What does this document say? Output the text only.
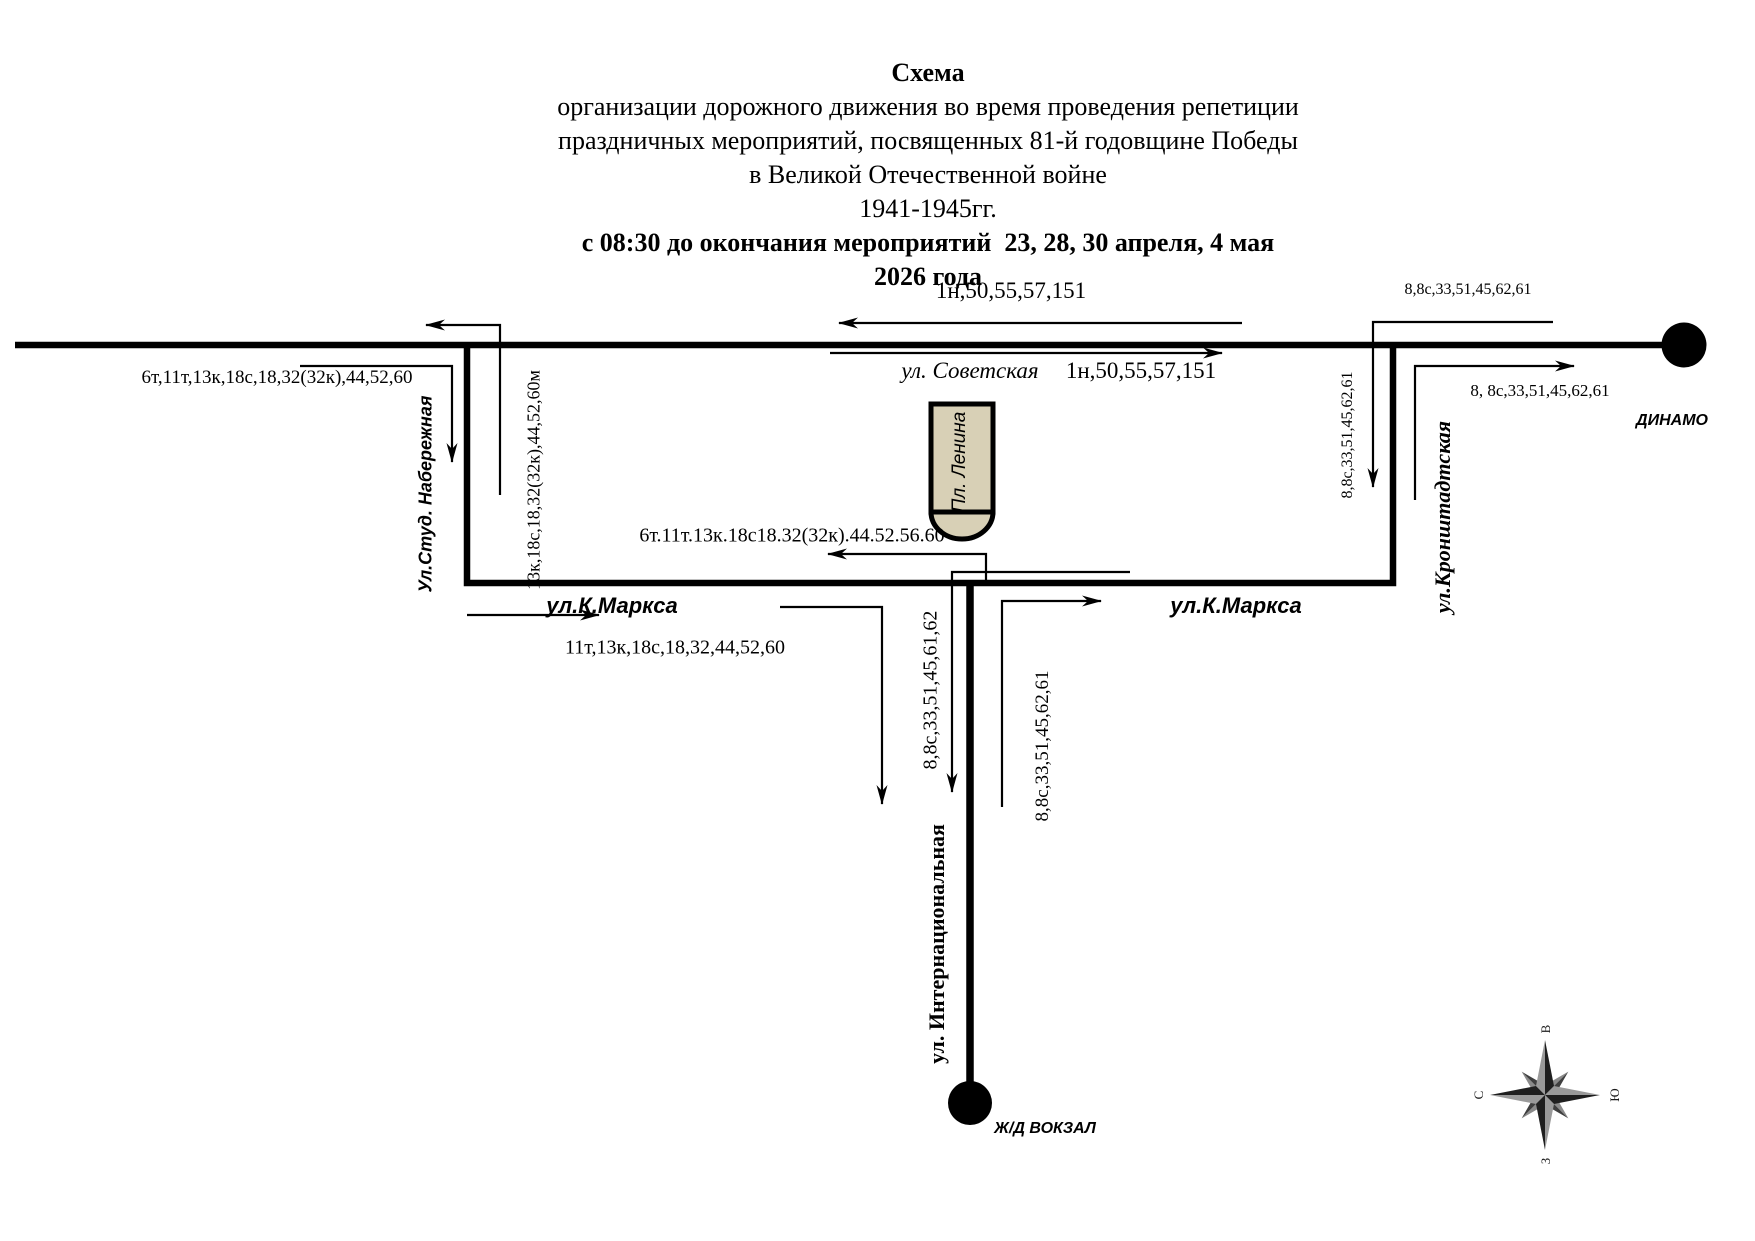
С
В
Ю
З
Схема
организации дорожного движения во время проведения репетиции
праздничных мероприятий, посвященных 81-й годовщине Победы
в Великой Отечественной войне
1941-1945гг.
с 08:30 до окончания мероприятий  23, 28, 30 апреля, 4 мая
2026 года
6т,11т,13к,18с,18,32(32к),44,52,60
1н,50,55,57,151	8,8с,33,51,45,62,61
ул. Советская 1н,50,55,57,151
8, 8с,33,51,45,62,61
ДИНАМО
6т.11т.13к.18с18.32(32к).44.52.56.60
ул.К.Маркса	ул.К.Маркса
11т,13к,18с,18,32,44,52,60
Ж/Д ВОКЗАЛ
Ул.Студ. Набережная	13к,18с,18,32(32к),44,52,60м	Пл. Ленина	8,8с,33,51,45,62,61	ул.Кронштадтская
8,8с,33,51,45,61,62	8,8с,33,51,45,62,61
ул. Интернациональная
